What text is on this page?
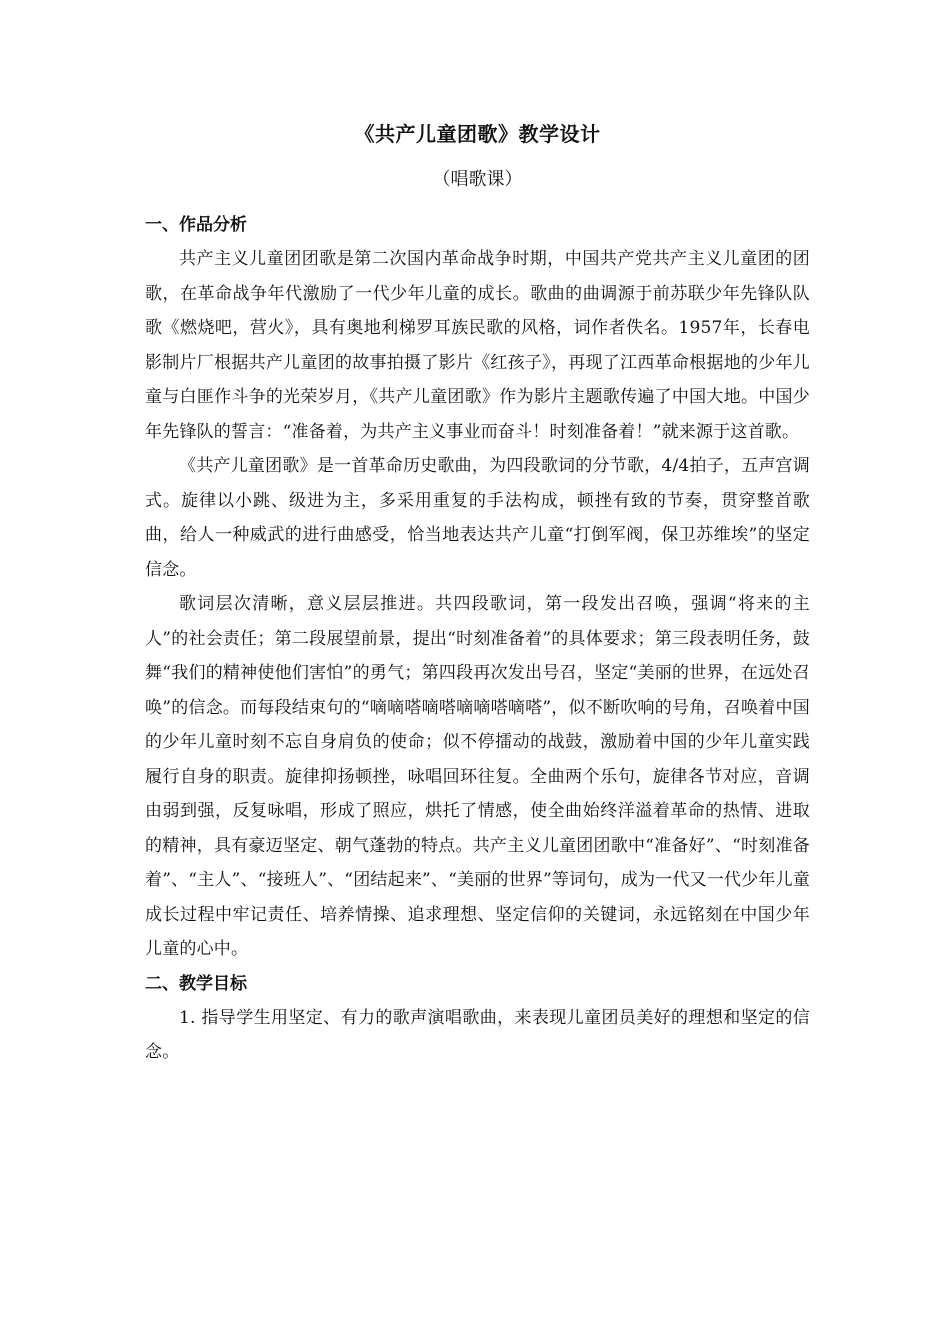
《共产儿童团歌》教学设计
（唱歌课）
一、作品分析

共产主义儿童团团歌是第二次国内革命战争时期，中国共产党共产主义儿童团的团歌，在革命战争年代激励了一代少年儿童的成长。歌曲的曲调源于前苏联少年先锋队队歌《燃烧吧，营火》，具有奥地利梯罗耳族民歌的风格，词作者佚名。1957年，长春电影制片厂根据共产儿童团的故事拍摄了影片《红孩子》，再现了江西革命根据地的少年儿童与白匪作斗争的光荣岁月，《共产儿童团歌》作为影片主题歌传遍了中国大地。中国少年先锋队的誓言：“准备着，为共产主义事业而奋斗！时刻准备着！”就来源于这首歌。

《共产儿童团歌》是一首革命历史歌曲，为四段歌词的分节歌，4/4拍子，五声宫调式。旋律以小跳、级进为主，多采用重复的手法构成，顿挫有致的节奏，贯穿整首歌曲，给人一种威武的进行曲感受，恰当地表达共产儿童“打倒军阀，保卫苏维埃”的坚定信念。

歌词层次清晰，意义层层推进。共四段歌词，第一段发出召唤，强调“将来的主人”的社会责任；第二段展望前景，提出“时刻准备着”的具体要求；第三段表明任务，鼓舞“我们的精神使他们害怕”的勇气；第四段再次发出号召，坚定“美丽的世界，在远处召唤”的信念。而每段结束句的“嘀嘀嗒嘀嗒嘀嘀嗒嘀嗒”，似不断吹响的号角，召唤着中国的少年儿童时刻不忘自身肩负的使命；似不停擂动的战鼓，激励着中国的少年儿童实践履行自身的职责。旋律抑扬顿挫，咏唱回环往复。全曲两个乐句，旋律各节对应，音调由弱到强，反复咏唱，形成了照应，烘托了情感，使全曲始终洋溢着革命的热情、进取的精神，具有豪迈坚定、朝气蓬勃的特点。共产主义儿童团团歌中“准备好”、“时刻准备着”、“主人”、“接班人”、“团结起来”、“美丽的世界”等词句，成为一代又一代少年儿童成长过程中牢记责任、培养情操、追求理想、坚定信仰的关键词，永远铭刻在中国少年儿童的心中。

二、教学目标

1. 指导学生用坚定、有力的歌声演唱歌曲，来表现儿童团员美好的理想和坚定的信念。
